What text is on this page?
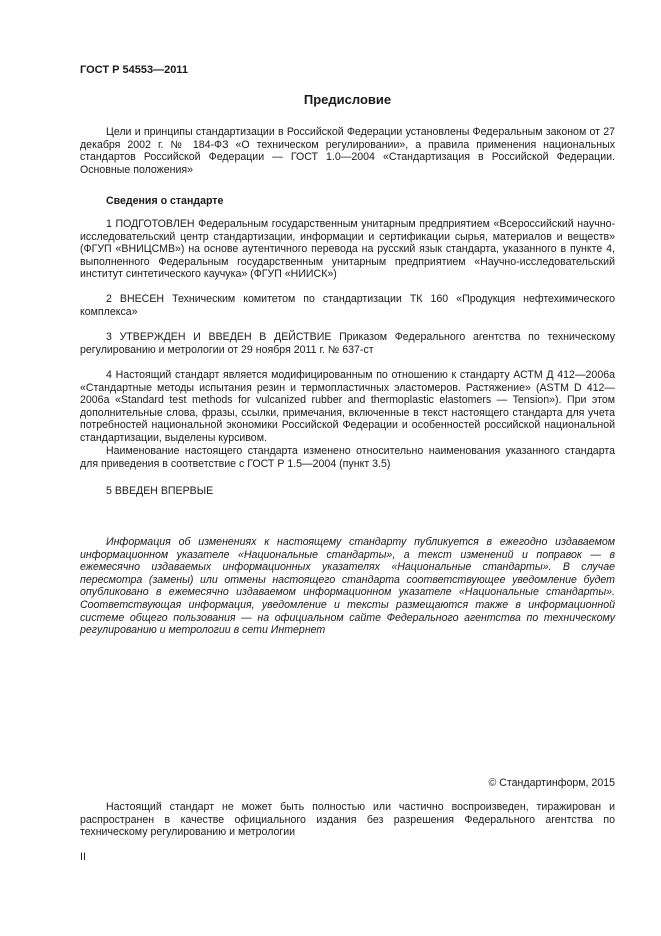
ГОСТ Р 54553—2011
Предисловие

Цели и принципы стандартизации в Российской Федерации установлены Федеральным законом от 27 декабря 2002 г. № 184-ФЗ «О техническом регулировании», а правила применения национальных стандартов Российской Федерации — ГОСТ 1.0—2004 «Стандартизация в Российской Федерации. Основные положения»

Сведения о стандарте

1 ПОДГОТОВЛЕН Федеральным государственным унитарным предприятием «Всероссийский научно-исследовательский центр стандартизации, информации и сертификации сырья, материалов и веществ» (ФГУП «ВНИЦСМВ») на основе аутентичного перевода на русский язык стандарта, указанного в пункте 4, выполненного Федеральным государственным унитарным предприятием «Научно-исследовательский институт синтетического каучука» (ФГУП «НИИСК»)

2 ВНЕСЕН Техническим комитетом по стандартизации ТК 160 «Продукция нефтехимического комплекса»

3 УТВЕРЖДЕН И ВВЕДЕН В ДЕЙСТВИЕ Приказом Федерального агентства по техническому регулированию и метрологии от 29 ноября 2011 г. № 637-ст

4 Настоящий стандарт является модифицированным по отношению к стандарту АСТМ Д 412—2006а «Стандартные методы испытания резин и термопластичных эластомеров. Растяжение» (ASTM D 412—2006a «Standard test methods for vulcanized rubber and thermoplastic elastomers — Tension»). При этом дополнительные слова, фразы, ссылки, примечания, включенные в текст настоящего стандарта для учета потребностей национальной экономики Российской Федерации и особенностей российской национальной стандартизации, выделены курсивом.

Наименование настоящего стандарта изменено относительно наименования указанного стандарта для приведения в соответствие с ГОСТ Р 1.5—2004 (пункт 3.5)

5 ВВЕДЕН ВПЕРВЫЕ

Информация об изменениях к настоящему стандарту публикуется в ежегодно издаваемом информационном указателе «Национальные стандарты», а текст изменений и поправок — в ежемесячно издаваемых информационных указателях «Национальные стандарты». В случае пересмотра (замены) или отмены настоящего стандарта соответствующее уведомление будет опубликовано в ежемесячно издаваемом информационном указателе «Национальные стандарты». Соответствующая информация, уведомление и тексты размещаются также в информационной системе общего пользования — на официальном сайте Федерального агентства по техническому регулированию и метрологии в сети Интернет

© Стандартинформ, 2015

Настоящий стандарт не может быть полностью или частично воспроизведен, тиражирован и распространен в качестве официального издания без разрешения Федерального агентства по техническому регулированию и метрологии

II
